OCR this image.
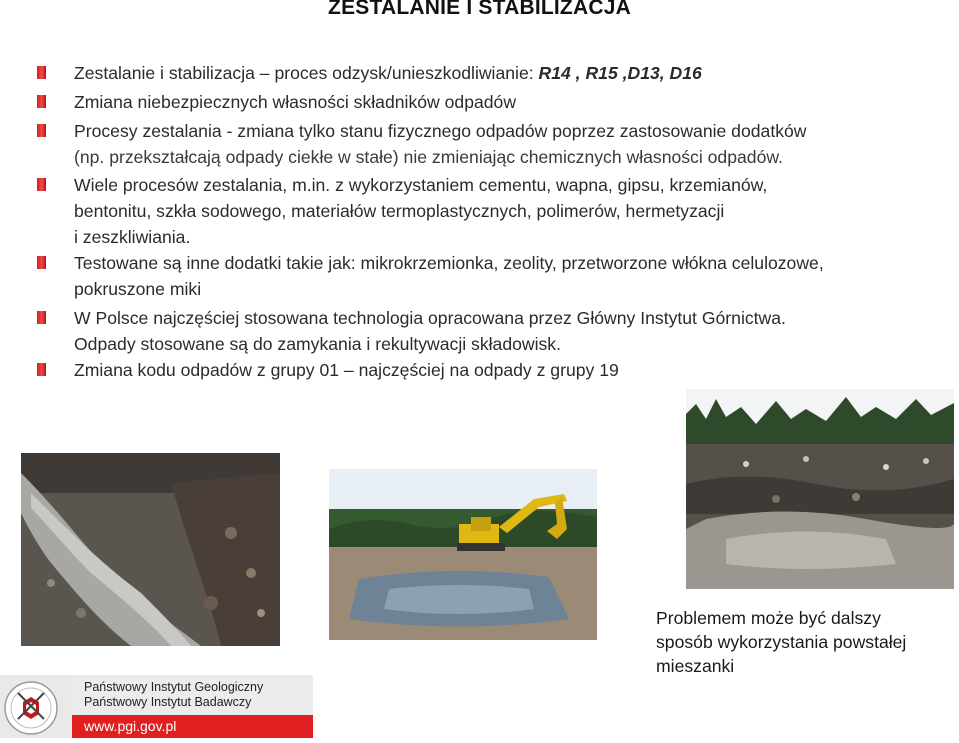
ZESTALANIE I STABILIZACJA
Zestalanie i stabilizacja – proces odzysk/unieszkodliwianie: R14 , R15 ,D13, D16
Zmiana niebezpiecznych własności składników odpadów
Procesy zestalania - zmiana tylko stanu fizycznego odpadów poprzez zastosowanie dodatków
(np. przekształcają odpady ciekłe w stałe) nie zmieniając chemicznych własności odpadów.
Wiele procesów zestalania, m.in. z wykorzystaniem cementu, wapna, gipsu, krzemianów,
bentonitu, szkła sodowego, materiałów termoplastycznych, polimerów, hermetyzacji
i zeszkliwiania.
Testowane są inne dodatki takie jak: mikrokrzemionka, zeolity, przetworzone włókna celulozowe,
pokruszone miki
W Polsce najczęściej stosowana technologia opracowana przez Główny Instytut Górnictwa.
Odpady stosowane są do zamykania i rekultywacji składowisk.
Zmiana kodu odpadów z grupy 01 – najczęściej na odpady z grupy 19
Problemem może być dalszy
sposób wykorzystania powstałej
mieszanki
Państwowy Instytut Geologiczny
Państwowy Instytut Badawczy
www.pgi.gov.pl
